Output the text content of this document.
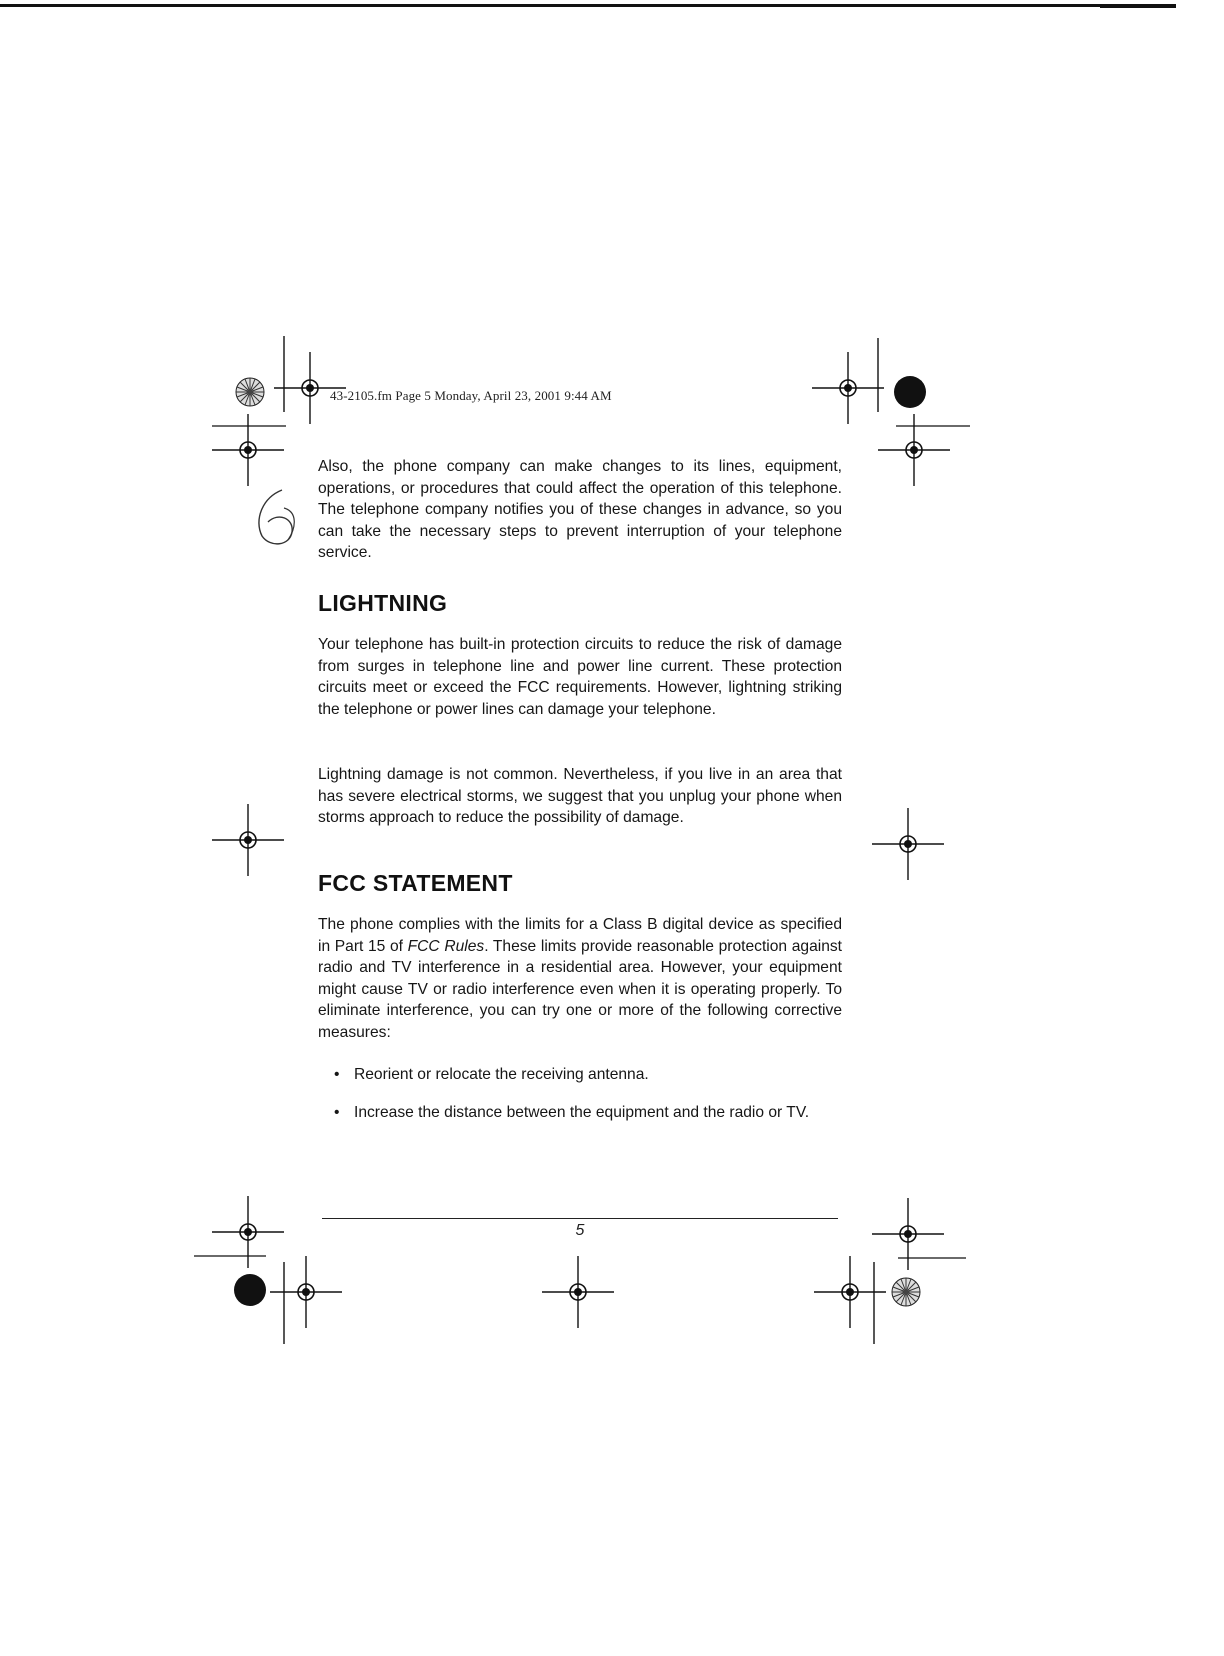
43-2105.fm Page 5 Monday, April 23, 2001 9:44 AM

Also, the phone company can make changes to its lines, equipment, operations, or procedures that could affect the operation of this telephone. The telephone company notifies you of these changes in advance, so you can take the necessary steps to prevent interruption of your telephone service.

LIGHTNING

Your telephone has built-in protection circuits to reduce the risk of damage from surges in telephone line and power line current. These protection circuits meet or exceed the FCC requirements. However, lightning striking the telephone or power lines can damage your telephone.

Lightning damage is not common. Nevertheless, if you live in an area that has severe electrical storms, we suggest that you unplug your phone when storms approach to reduce the possibility of damage.

FCC STATEMENT

The phone complies with the limits for a Class B digital device as specified in Part 15 of FCC Rules. These limits provide reasonable protection against radio and TV interference in a residential area. However, your equipment might cause TV or radio interference even when it is operating properly. To eliminate interference, you can try one or more of the following corrective measures:

• Reorient or relocate the receiving antenna.
• Increase the distance between the equipment and the radio or TV.
5
